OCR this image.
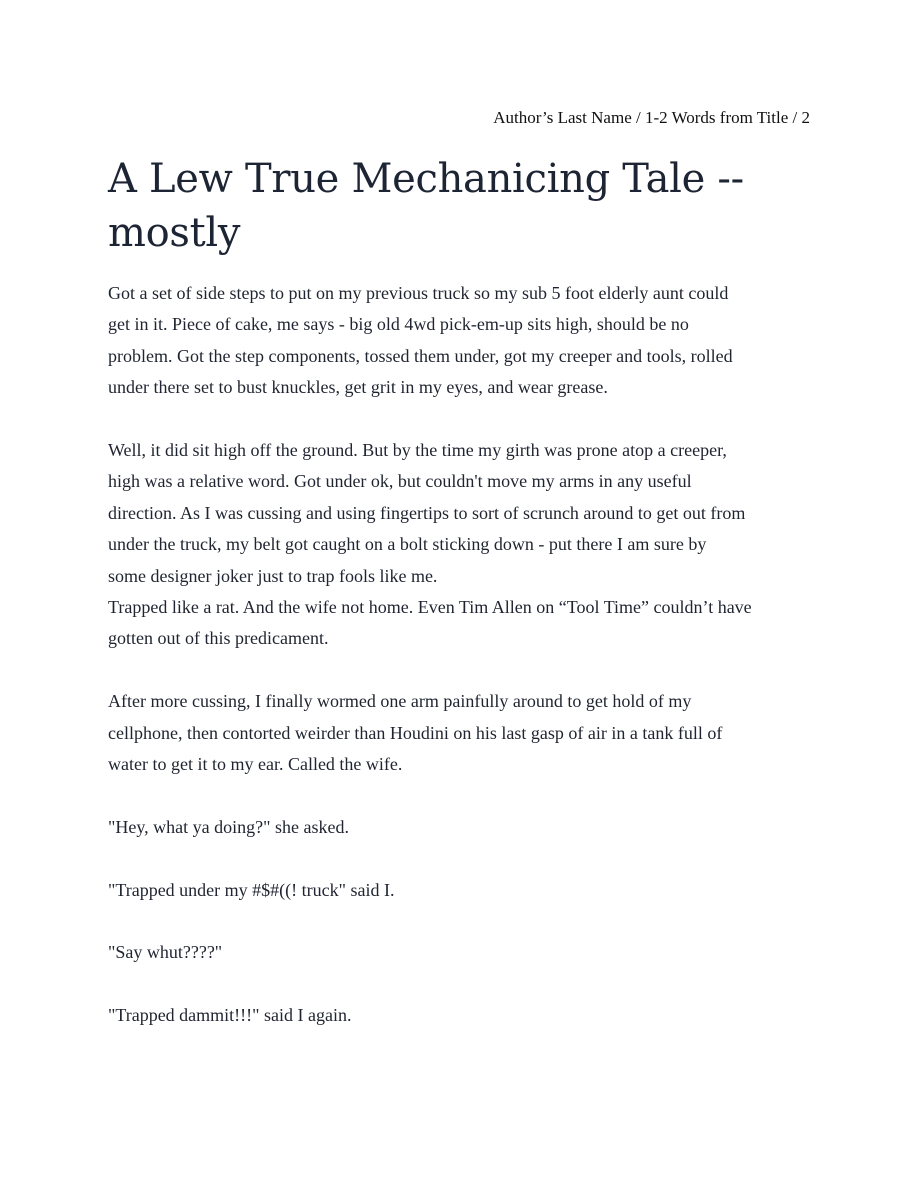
Author’s Last Name / 1-2 Words from Title / 2
A Lew True Mechanicing Tale --
mostly

Got a set of side steps to put on my previous truck so my sub 5 foot elderly aunt could
get in it. Piece of cake, me says - big old 4wd pick-em-up sits high, should be no
problem. Got the step components, tossed them under, got my creeper and tools, rolled
under there set to bust knuckles, get grit in my eyes, and wear grease.

Well, it did sit high off the ground. But by the time my girth was prone atop a creeper,
high was a relative word. Got under ok, but couldn't move my arms in any useful
direction. As I was cussing and using fingertips to sort of scrunch around to get out from
under the truck, my belt got caught on a bolt sticking down - put there I am sure by
some designer joker just to trap fools like me.

Trapped like a rat. And the wife not home. Even Tim Allen on “Tool Time” couldn’t have
gotten out of this predicament.

After more cussing, I finally wormed one arm painfully around to get hold of my
cellphone, then contorted weirder than Houdini on his last gasp of air in a tank full of
water to get it to my ear. Called the wife.

"Hey, what ya doing?" she asked.

"Trapped under my #$#((! truck" said I.

"Say whut????"

"Trapped dammit!!!" said I again.
